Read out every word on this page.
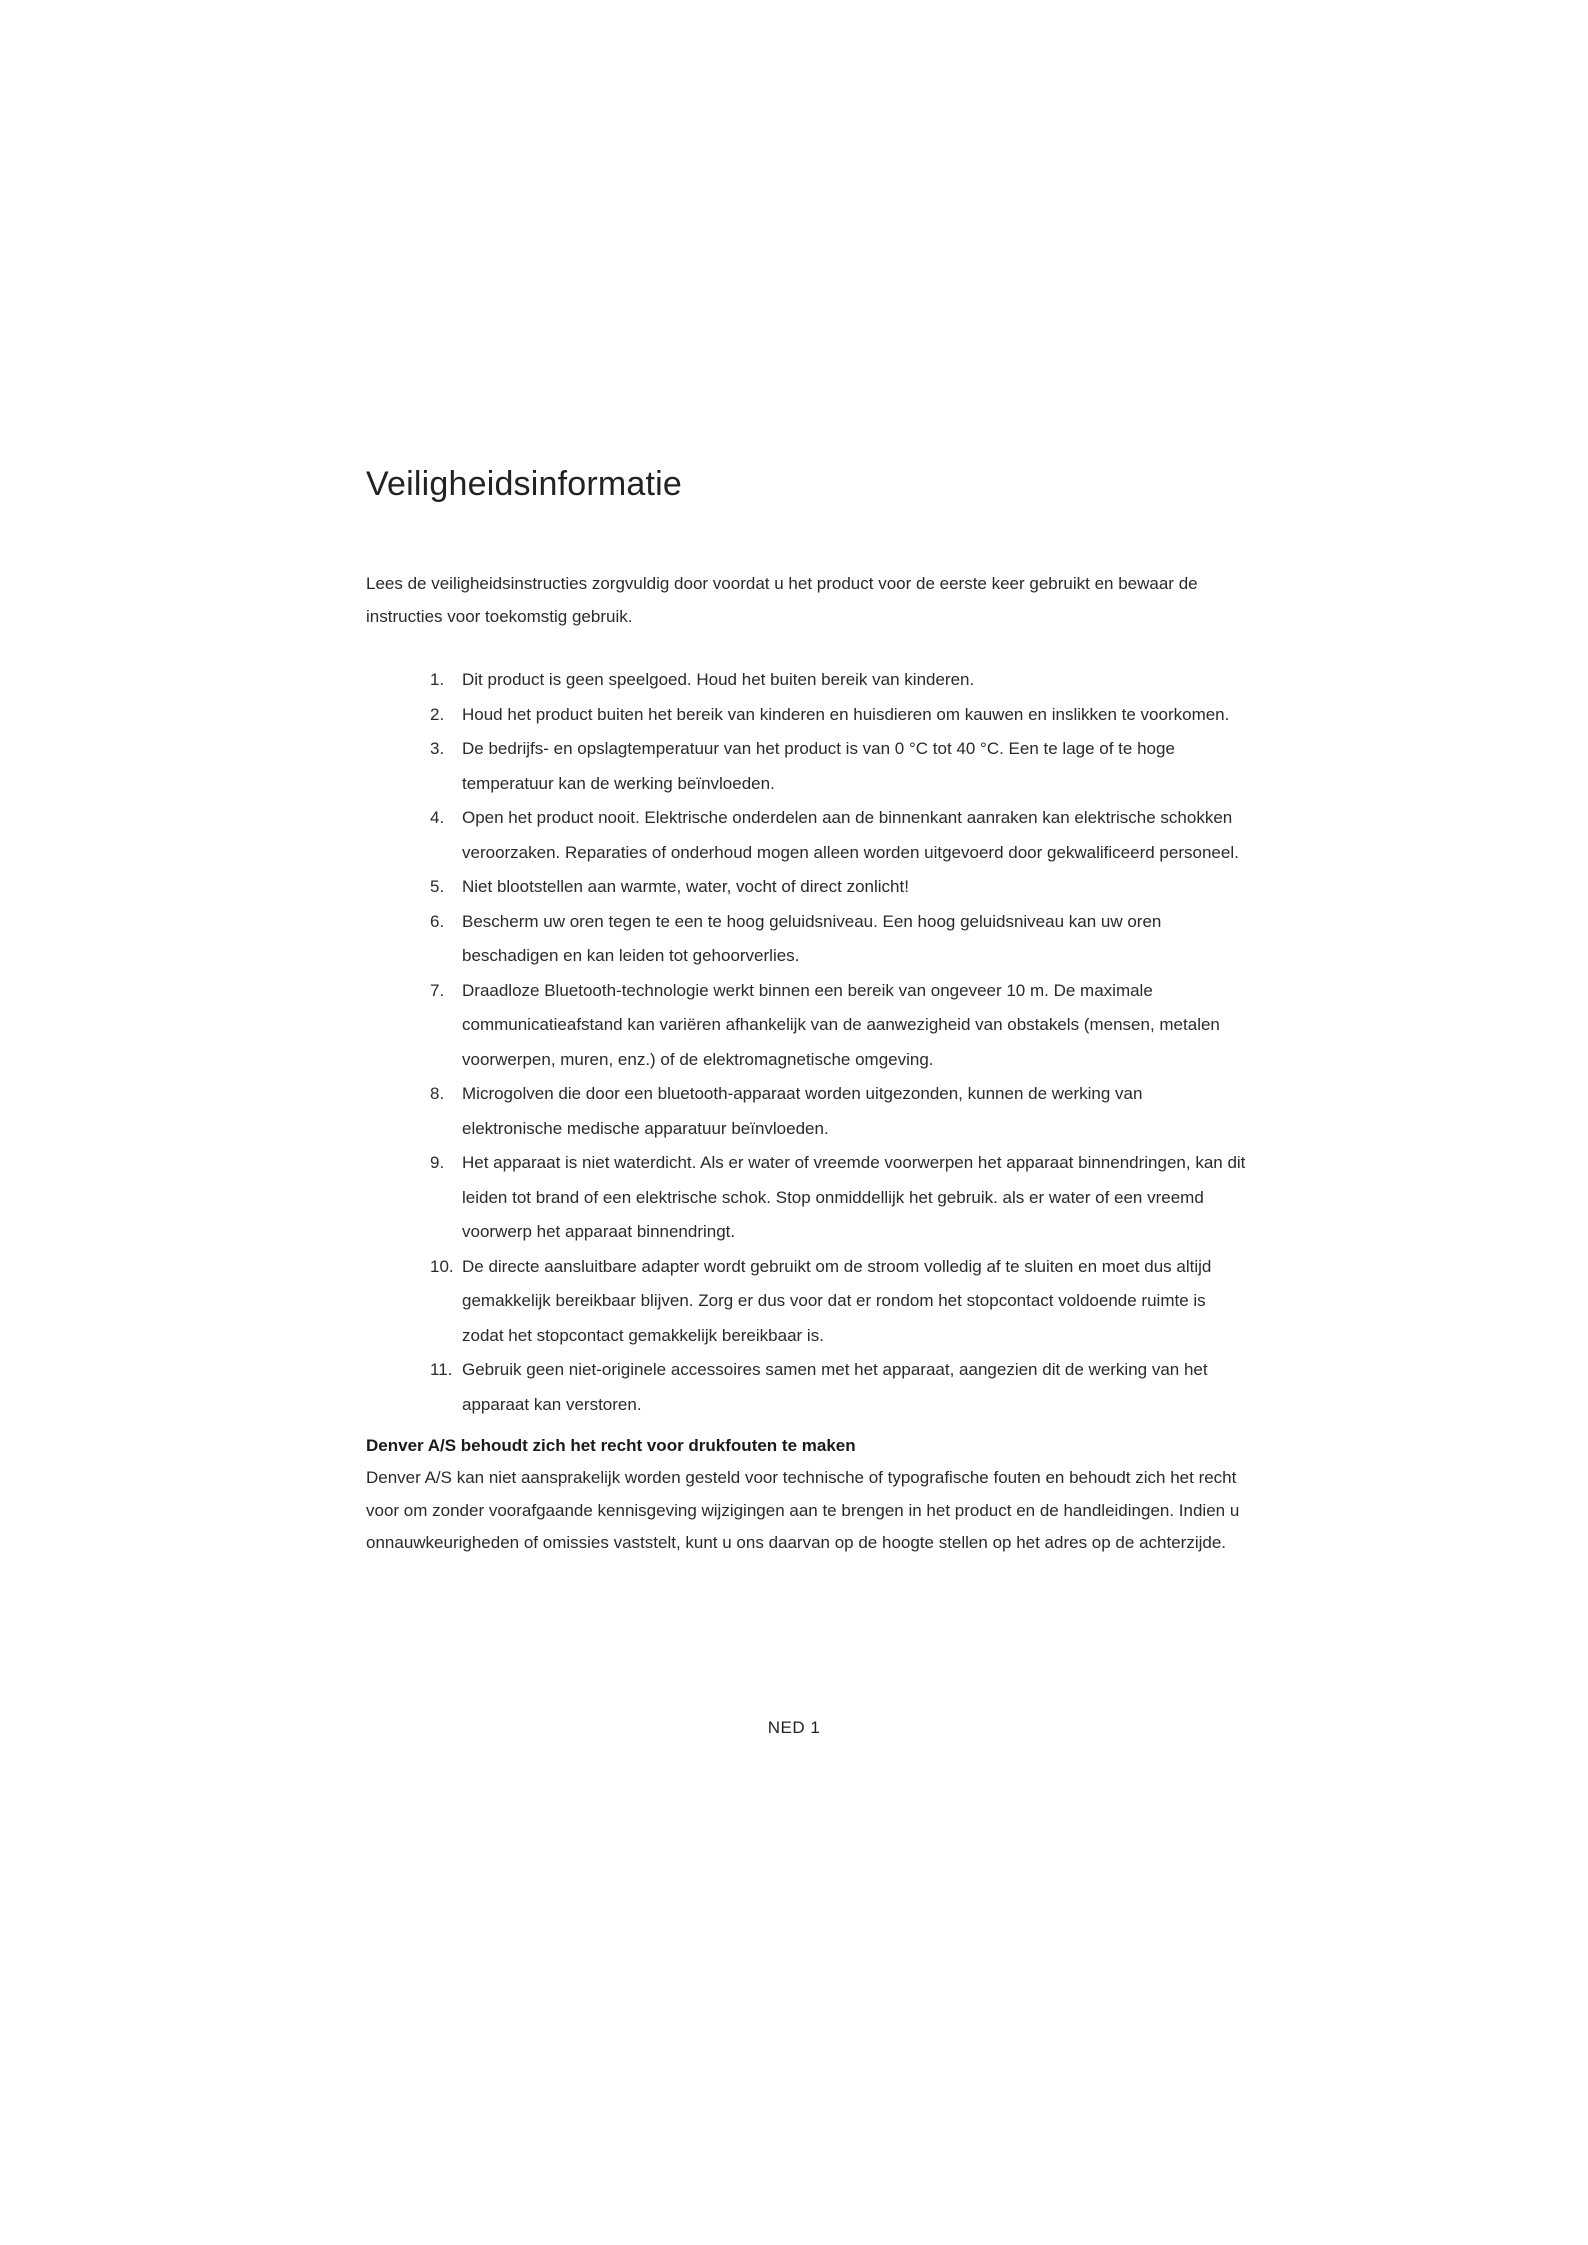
Veiligheidsinformatie

Lees de veiligheidsinstructies zorgvuldig door voordat u het product voor de eerste keer gebruikt en bewaar de instructies voor toekomstig gebruik.

1. Dit product is geen speelgoed. Houd het buiten bereik van kinderen.
2. Houd het product buiten het bereik van kinderen en huisdieren om kauwen en inslikken te voorkomen.
3. De bedrijfs- en opslagtemperatuur van het product is van 0 °C tot 40 °C. Een te lage of te hoge temperatuur kan de werking beïnvloeden.
4. Open het product nooit. Elektrische onderdelen aan de binnenkant aanraken kan elektrische schokken veroorzaken. Reparaties of onderhoud mogen alleen worden uitgevoerd door gekwalificeerd personeel.
5. Niet blootstellen aan warmte, water, vocht of direct zonlicht!
6. Bescherm uw oren tegen te een te hoog geluidsniveau. Een hoog geluidsniveau kan uw oren beschadigen en kan leiden tot gehoorverlies.
7. Draadloze Bluetooth-technologie werkt binnen een bereik van ongeveer 10 m. De maximale communicatieafstand kan variëren afhankelijk van de aanwezigheid van obstakels (mensen, metalen voorwerpen, muren, enz.) of de elektromagnetische omgeving.
8. Microgolven die door een bluetooth-apparaat worden uitgezonden, kunnen de werking van elektronische medische apparatuur beïnvloeden.
9. Het apparaat is niet waterdicht. Als er water of vreemde voorwerpen het apparaat binnendringen, kan dit leiden tot brand of een elektrische schok. Stop onmiddellijk het gebruik. als er water of een vreemd voorwerp het apparaat binnendringt.
10. De directe aansluitbare adapter wordt gebruikt om de stroom volledig af te sluiten en moet dus altijd gemakkelijk bereikbaar blijven. Zorg er dus voor dat er rondom het stopcontact voldoende ruimte is zodat het stopcontact gemakkelijk bereikbaar is.
11. Gebruik geen niet-originele accessoires samen met het apparaat, aangezien dit de werking van het apparaat kan verstoren.

Denver A/S behoudt zich het recht voor drukfouten te maken

Denver A/S kan niet aansprakelijk worden gesteld voor technische of typografische fouten en behoudt zich het recht voor om zonder voorafgaande kennisgeving wijzigingen aan te brengen in het product en de handleidingen. Indien u onnauwkeurigheden of omissies vaststelt, kunt u ons daarvan op de hoogte stellen op het adres op de achterzijde.

NED 1
